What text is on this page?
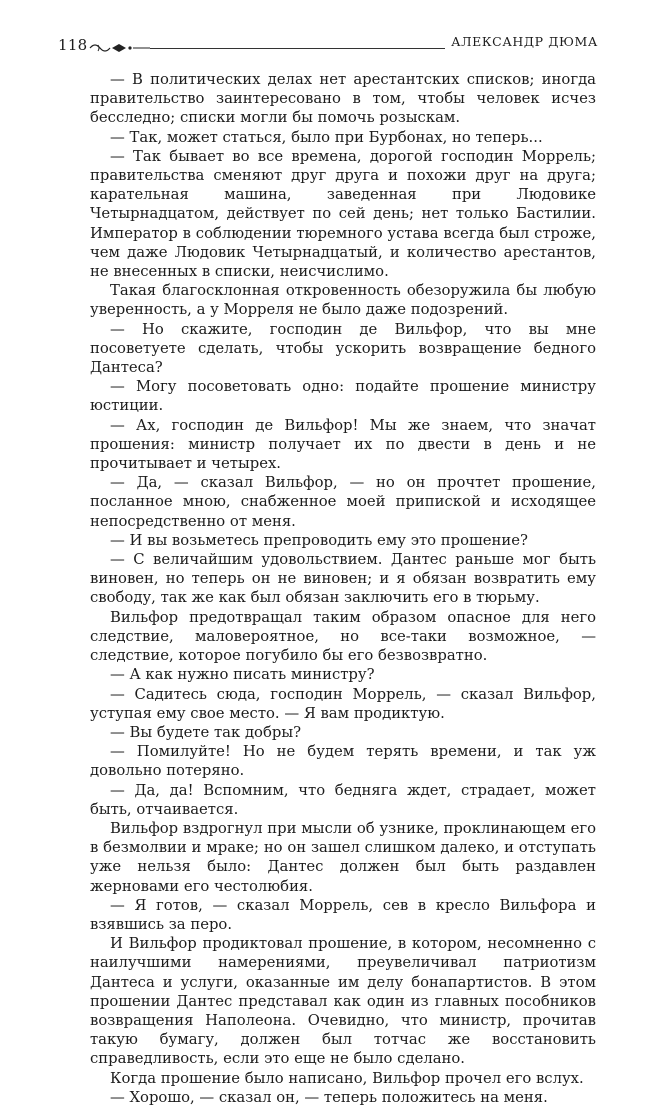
118	АЛЕКСАНДР ДЮМА

— В политических делах нет арестантских списков; иногда правительство заинтересовано в том, чтобы человек исчез бесследно; списки могли бы помочь розыскам.

— Так, может статься, было при Бурбонах, но теперь...

— Так бывает во все времена, дорогой господин Моррель; правительства сменяют друг друга и похожи друг на друга; карательная машина, заведенная при Людовике Четырнадцатом, действует по сей день; нет только Бастилии. Император в соблюдении тюремного устава всегда был строже, чем даже Людовик Четырнадцатый, и количество арестантов, не внесенных в списки, неисчислимо.

Такая благосклонная откровенность обезоружила бы любую уверенность, а у Морреля не было даже подозрений.

— Но скажите, господин де Вильфор, что вы мне посоветуете сделать, чтобы ускорить возвращение бедного Дантеса?

— Могу посоветовать одно: подайте прошение министру юстиции.

— Ах, господин де Вильфор! Мы же знаем, что значат прошения: министр получает их по двести в день и не прочитывает и четырех.

— Да, — сказал Вильфор, — но он прочтет прошение, посланное мною, снабженное моей припиской и исходящее непосредственно от меня.

— И вы возьметесь препроводить ему это прошение?

— С величайшим удовольствием. Дантес раньше мог быть виновен, но теперь он не виновен; и я обязан возвратить ему свободу, так же как был обязан заключить его в тюрьму.

Вильфор предотвращал таким образом опасное для него следствие, маловероятное, но все-таки возможное, — следствие, которое погубило бы его безвозвратно.

— А как нужно писать министру?

— Садитесь сюда, господин Моррель, — сказал Вильфор, уступая ему свое место. — Я вам продиктую.

— Вы будете так добры?

— Помилуйте! Но не будем терять времени, и так уж довольно потеряно.

— Да, да! Вспомним, что бедняга ждет, страдает, может быть, отчаивается.

Вильфор вздрогнул при мысли об узнике, проклинающем его в безмолвии и мраке; но он зашел слишком далеко, и отступать уже нельзя было: Дантес должен был быть раздавлен жерновами его честолюбия.

— Я готов, — сказал Моррель, сев в кресло Вильфора и взявшись за перо.

И Вильфор продиктовал прошение, в котором, несомненно с наилучшими намерениями, преувеличивал патриотизм Дантеса и услуги, оказанные им делу бонапартистов. В этом прошении Дантес представал как один из главных пособников возвращения Наполеона. Очевидно, что министр, прочитав такую бумагу, должен был тотчас же восстановить справедливость, если это еще не было сделано.

Когда прошение было написано, Вильфор прочел его вслух.

— Хорошо, — сказал он, — теперь положитесь на меня.
